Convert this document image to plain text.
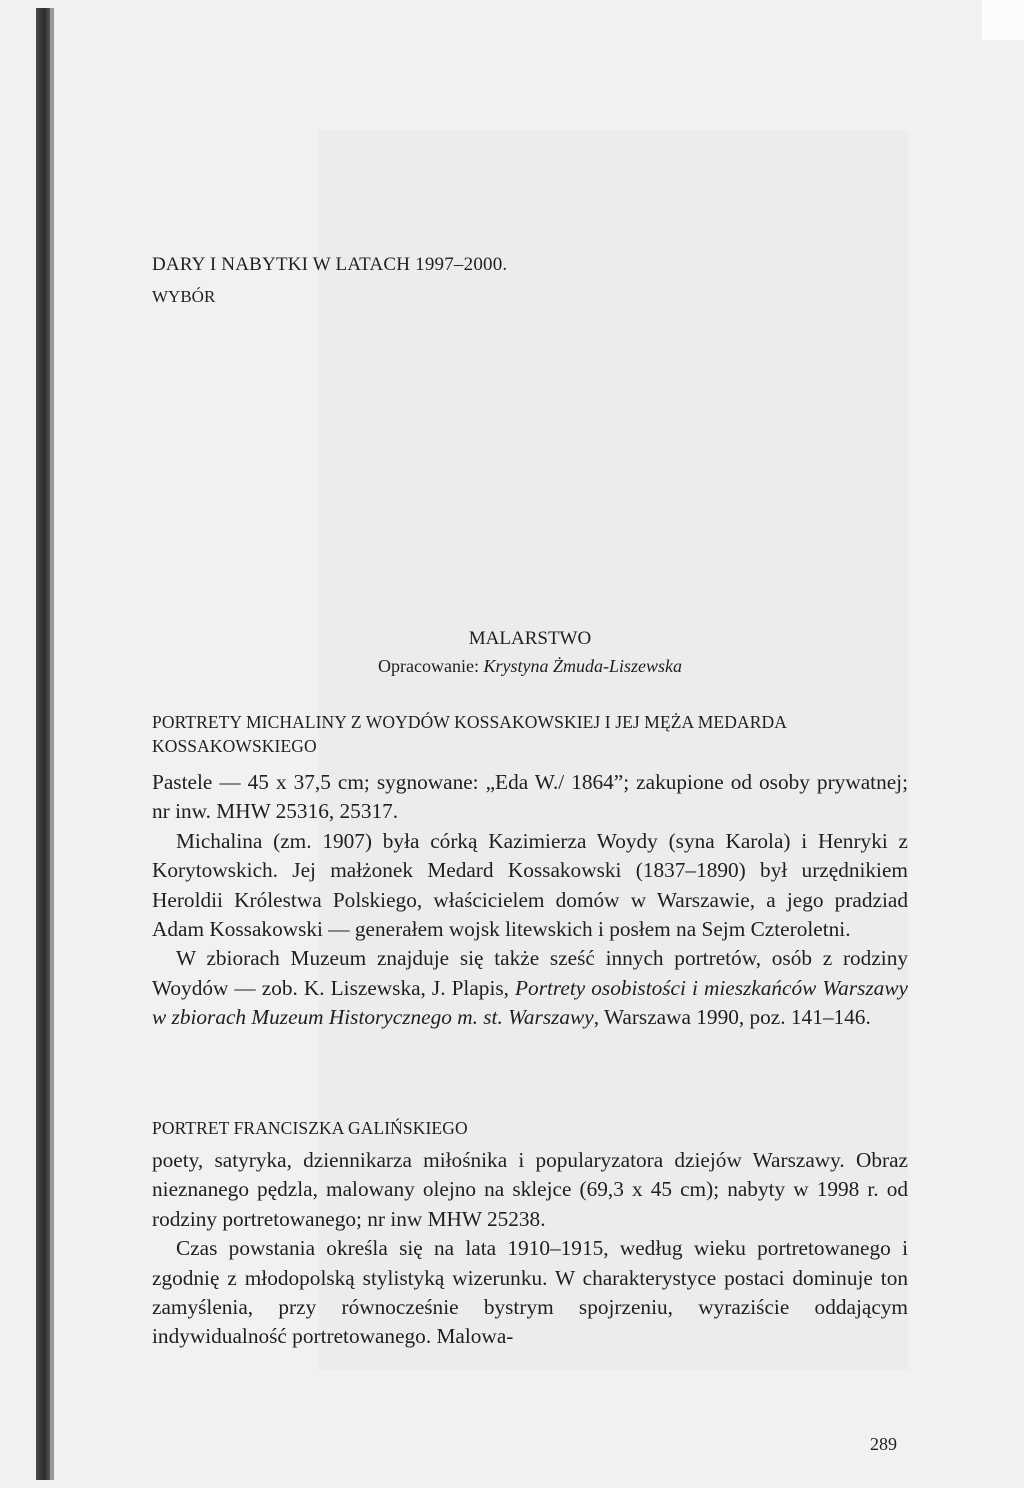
DARY I NABYTKI W LATACH 1997–2000.
WYBÓR
MALARSTWO
Opracowanie: Krystyna Żmuda-Liszewska
PORTRETY MICHALINY Z WOYDÓW KOSSAKOWSKIEJ I JEJ MĘŻA MEDARDA KOSSAKOWSKIEGO

Pastele — 45 x 37,5 cm; sygnowane: „Eda W./ 1864”; zakupione od osoby prywatnej; nr inw. MHW 25316, 25317.

Michalina (zm. 1907) była córką Kazimierza Woydy (syna Karola) i Henryki z Korytowskich. Jej małżonek Medard Kossakowski (1837–1890) był urzędnikiem Heroldii Królestwa Polskiego, właścicielem domów w Warszawie, a jego pradziad Adam Kossakowski — generałem wojsk litewskich i posłem na Sejm Czteroletni.

W zbiorach Muzeum znajduje się także sześć innych portretów, osób z rodziny Woydów — zob. K. Liszewska, J. Plapis, Portrety osobistości i mieszkańców Warszawy w zbiorach Muzeum Historycznego m. st. Warszawy, Warszawa 1990, poz. 141–146.

PORTRET FRANCISZKA GALIŃSKIEGO

poety, satyryka, dziennikarza miłośnika i popularyzatora dziejów Warszawy. Obraz nieznanego pędzla, malowany olejno na sklejce (69,3 x 45 cm); nabyty w 1998 r. od rodziny portretowanego; nr inw MHW 25238.

Czas powstania określa się na lata 1910–1915, według wieku portretowanego i zgodnię z młodopolską stylistyką wizerunku. W charakterystyce postaci dominuje ton zamyślenia, przy równocześnie bystrym spojrzeniu, wyraziście oddającym indywidualność portretowanego. Malowa-

289
